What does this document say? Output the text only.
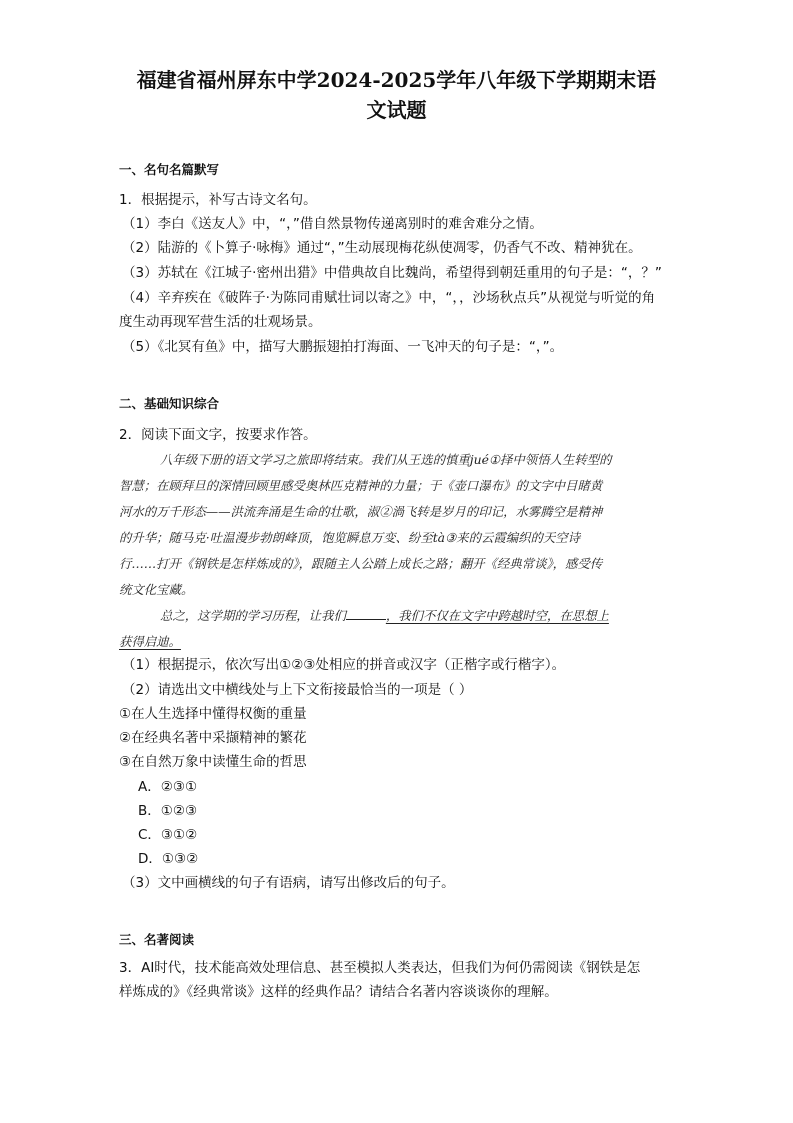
福建省福州屏东中学2024-2025学年八年级下学期期末语
文试题
一、名句名篇默写
1．根据提示，补写古诗文名句。
（1）李白《送友人》中，“，”借自然景物传递离别时的难舍难分之情。
（2）陆游的《卜算子·咏梅》通过“，”生动展现梅花纵使凋零，仍香气不改、精神犹在。
（3）苏轼在《江城子·密州出猎》中借典故自比魏尚，希望得到朝廷重用的句子是：“，？”
（4）辛弃疾在《破阵子·为陈同甫赋壮词以寄之》中，“，，沙场秋点兵”从视觉与听觉的角
度生动再现军营生活的壮观场景。
（5）《北冥有鱼》中，描写大鹏振翅拍打海面、一飞冲天的句子是：“，”。
二、基础知识综合
2．阅读下面文字，按要求作答。
八年级下册的语文学习之旅即将结束。我们从王选的慎重jué①择中领悟人生转型的
智慧；在顾拜旦的深情回顾里感受奥林匹克精神的力量；于《壶口瀑布》的文字中目睹黄
河水的万千形态——洪流奔涌是生命的壮歌，淑②渦飞转是岁月的印记，水雾腾空是精神
的升华；随马克·吐温漫步勃朗峰顶，饱览瞬息万变、纷至tà③来的云霞编织的天空诗
行……打开《钢铁是怎样炼成的》，跟随主人公踏上成长之路；翻开《经典常谈》，感受传
统文化宝藏。
总之，这学期的学习历程，让我们	，我们不仅在文字中跨越时空，在思想上
获得启迪。
（1）根据提示，依次写出①②③处相应的拼音或汉字（正楷字或行楷字）。
（2）请选出文中横线处与上下文衔接最恰当的一项是（ ）
①在人生选择中懂得权衡的重量
②在经典名著中采撷精神的繁花
③在自然万象中读懂生命的哲思
A．②③①
B．①②③
C．③①②
D．①③②
（3）文中画横线的句子有语病，请写出修改后的句子。
三、名著阅读
3．AI时代，技术能高效处理信息、甚至模拟人类表达，但我们为何仍需阅读《钢铁是怎
样炼成的》《经典常谈》这样的经典作品？请结合名著内容谈谈你的理解。
